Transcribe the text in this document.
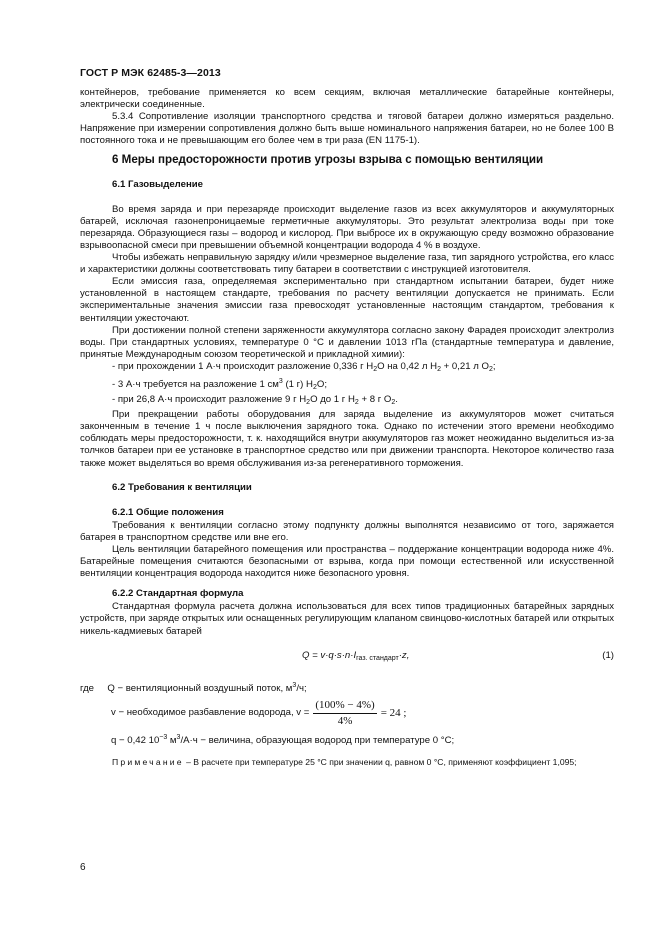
ГОСТ Р МЭК 62485-3—2013

контейнеров, требование применяется ко всем секциям, включая металлические батарейные контейнеры, электрически соединенные.

5.3.4 Сопротивление изоляции транспортного средства и тяговой батареи должно измеряться раздельно. Напряжение при измерении сопротивления должно быть выше номинального напряжения батареи, но не более 100 В постоянного тока и не превышающим его более чем в три раза (EN 1175-1).

6 Меры предосторожности против угрозы взрыва с помощью вентиляции
6.1 Газовыделение

Во время заряда и при перезаряде происходит выделение газов из всех аккумуляторов и аккумуляторных батарей, исключая газонепроницаемые герметичные аккумуляторы. Это результат электролиза воды при токе перезаряда. Образующиеся газы – водород и кислород. При выбросе их в окружающую среду возможно образование взрывоопасной смеси при превышении объемной концентрации водорода 4 % в воздухе.

Чтобы избежать неправильную зарядку и/или чрезмерное выделение газа, тип зарядного устройства, его класс и характеристики должны соответствовать типу батареи в соответствии с инструкцией изготовителя.

Если эмиссия газа, определяемая экспериментально при стандартном испытании батареи, будет ниже установленной в настоящем стандарте, требования по расчету вентиляции допускается не принимать. Если экспериментальные значения эмиссии газа превосходят установленные настоящим стандартом, требования к вентиляции ужесточают.

При достижении полной степени заряженности аккумулятора согласно закону Фарадея происходит электролиз воды. При стандартных условиях, температуре 0 °С и давлении 1013 гПа (стандартные температура и давление, принятые Международным союзом теоретической и прикладной химии):

- при прохождении 1 А·ч происходит разложение 0,336 г $Н_2О$ на 0,42 л $Н_2 + 0,21$ л $О_2$;

- 3 А·ч требуется на разложение 1 $см^3$ (1 г) $Н_2О$;

- при 26,8 А·ч происходит разложение 9 г $Н_2О$ до 1 г $Н_2 + 8$ г $О_2$.

При прекращении работы оборудования для заряда выделение из аккумуляторов может считаться законченным в течение 1 ч после выключения зарядного тока. Однако по истечении этого времени необходимо соблюдать меры предосторожности, т. к. находящийся внутри аккумуляторов газ может неожиданно выделиться из-за толчков батареи при ее установке в транспортное средство или при движении транспорта. Некоторое количество газа также может выделяться во время обслуживания из-за регенеративного торможения.

6.2 Требования к вентиляции
6.2.1 Общие положения

Требования к вентиляции согласно этому подпункту должны выполнятся независимо от того, заряжается батарея в транспортном средстве или вне его.

Цель вентиляции батарейного помещения или пространства – поддержание концентрации водорода ниже 4%. Батарейные помещения считаются безопасными от взрыва, когда при помощи естественной или искусственной вентиляции концентрация водорода находится ниже безопасного уровня.

6.2.2 Стандартная формула

Стандартная формула расчета должна использоваться для всех типов традиционных батарейных зарядных устройств, при заряде открытых или оснащенных регулирующим клапаном свинцово-кислотных батарей или открытых никель-кадмиевых батарей

$Q = v\cdot q\cdot s\cdot n\cdot I_{газ. стандарт}\cdot z$,	(1)

где Q − вентиляционный воздушный поток, $м^3/ч$;

v − необходимое разбавление водорода, $v = \frac{(100\% - 4\%)}{4\%} = 24$ ;

q − 0,42 $10^{-3}$ $м^3/А\cdot ч$ − величина, образующая водород при температуре 0 °С;

Примечание – В расчете при температуре 25 °С при значении q, равном 0 °С, применяют коэффициент 1,095;

6
